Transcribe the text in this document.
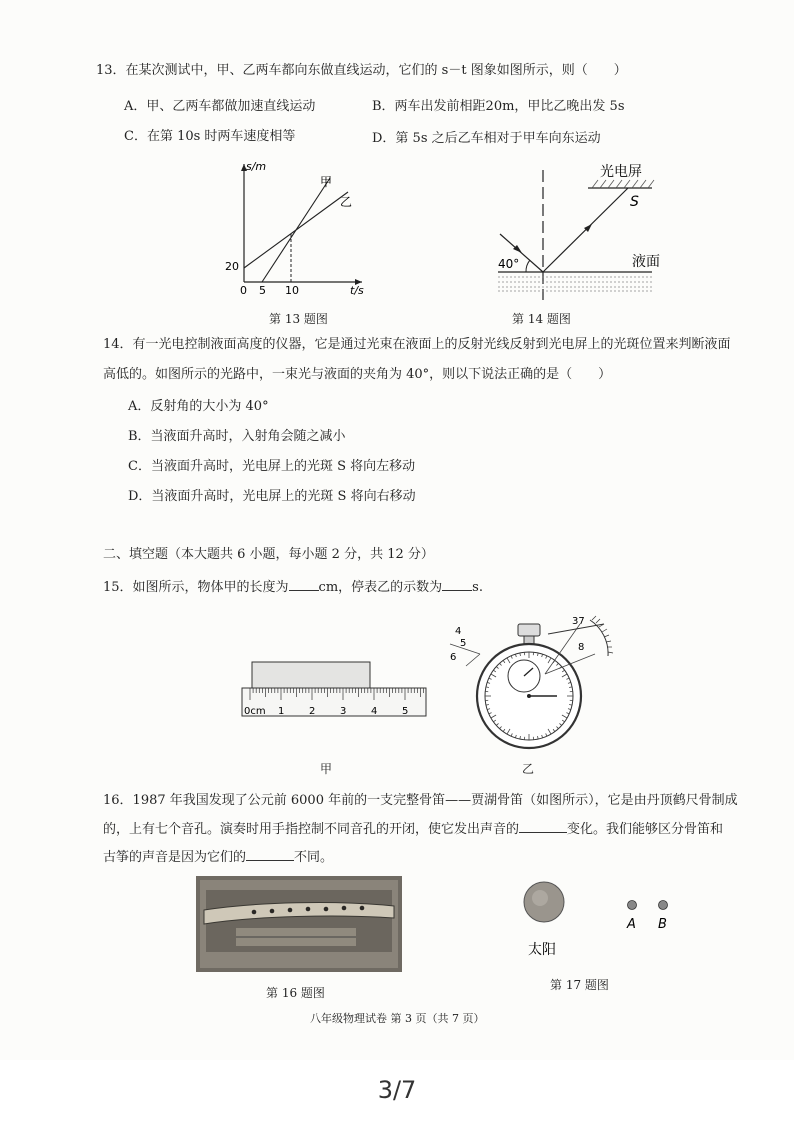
13．在某次测试中，甲、乙两车都向东做直线运动，它们的 s－t 图象如图所示，则（　　）
A．甲、乙两车都做加速直线运动	B．两车出发前相距20m，甲比乙晚出发 5s
C．在第 10s 时两车速度相等	D．第 5s 之后乙车相对于甲车向东运动
s/m
t/s
甲
乙
20
0 5 10
第 13 题图
40°
光电屏
S
液面
第 14 题图
14．有一光电控制液面高度的仪器，它是通过光束在液面上的反射光线反射到光电屏上的光斑位置来判断液面
高低的。如图所示的光路中，一束光与液面的夹角为 40°，则以下说法正确的是（　　）
A．反射角的大小为 40°
B．当液面升高时，入射角会随之减小
C．当液面升高时，光电屏上的光斑 S 将向左移动
D．当液面升高时，光电屏上的光斑 S 将向右移动
二、填空题（本大题共 6 小题，每小题 2 分，共 12 分）
15．如图所示，物体甲的长度为 cm，停表乙的示数为 s.
0cm 1 2 3 4 5
甲
4
5
6
37
8
乙
16．1987 年我国发现了公元前 6000 年前的一支完整骨笛——贾湖骨笛（如图所示），它是由丹顶鹤尺骨制成
的，上有七个音孔。演奏时用手指控制不同音孔的开闭，使它发出声音的	变化。我们能够区分骨笛和
古筝的声音是因为它们的	不同。
第 16 题图
A B
太阳
第 17 题图
八年级物理试卷 第 3 页（共 7 页）
3/7
